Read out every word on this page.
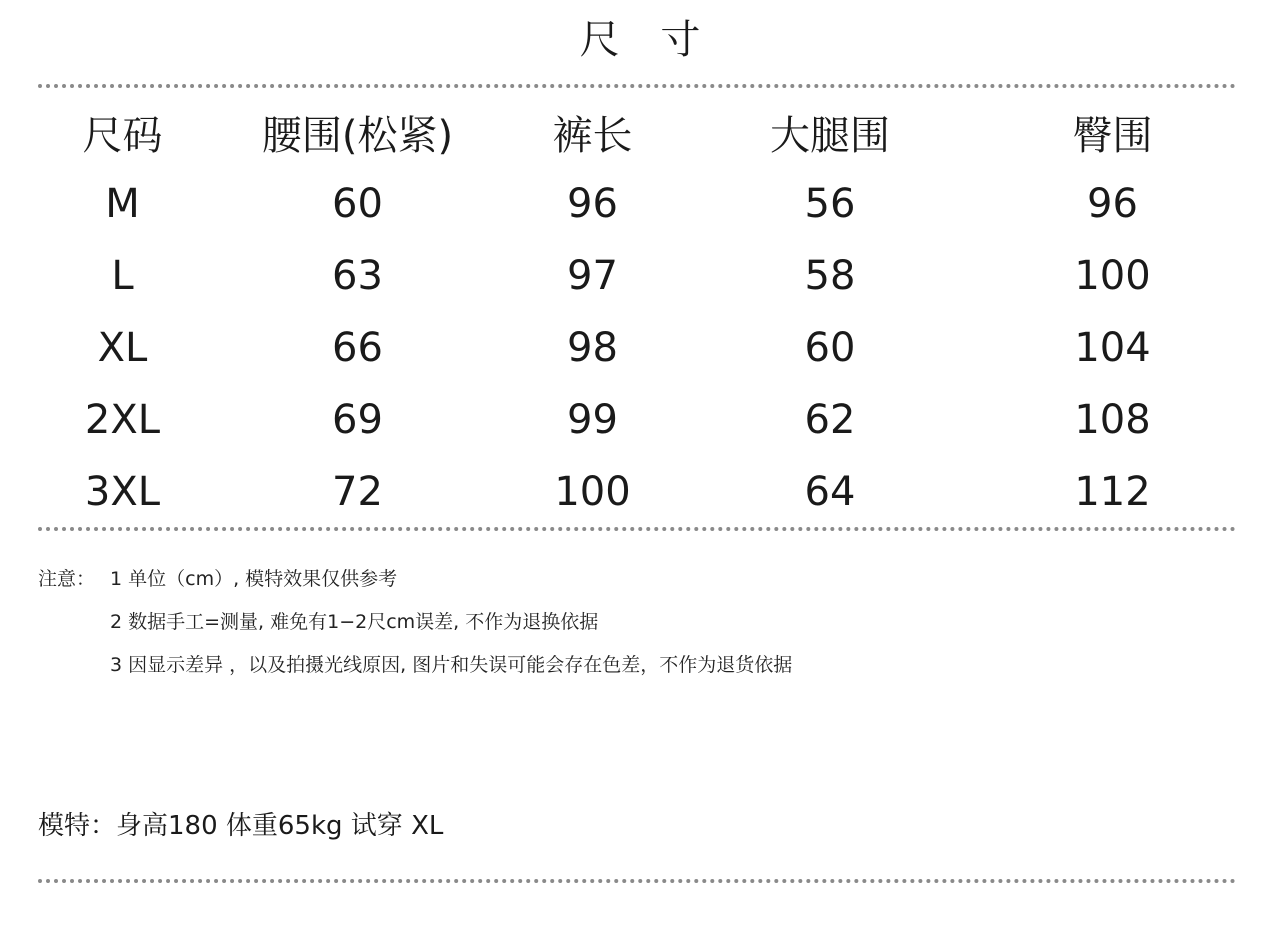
尺 寸
尺码	腰围(松紧)	裤长	大腿围	臀围
M	60	96	56	96
L	63	97	58	100
XL	66	98	60	104
2XL	69	99	62	108
3XL	72	100	64	112
注意： 1 单位（cm）, 模特效果仅供参考
2 数据手工=测量, 难免有1−2尺cm误差, 不作为退换依据
3 因显示差异 ，以及拍摄光线原因, 图片和失误可能会存在色差，不作为退货依据
模特：身高180 体重65kg 试穿 XL
